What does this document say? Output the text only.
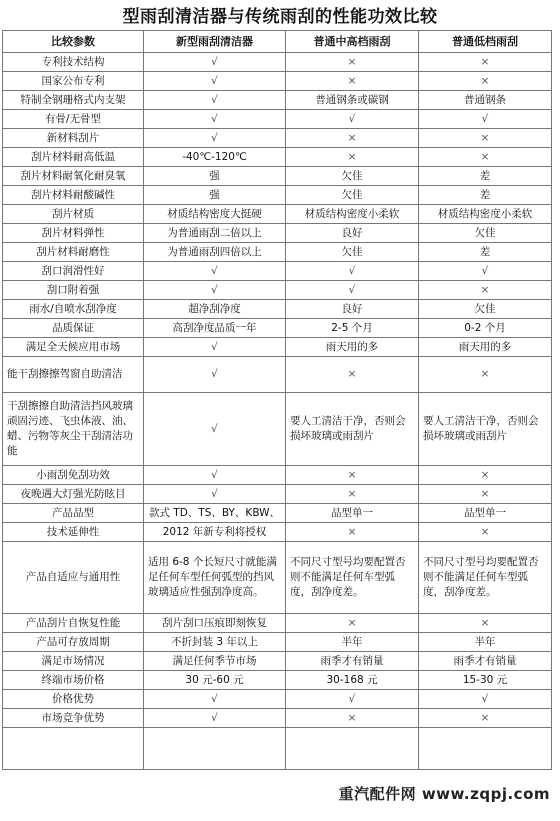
型雨刮清洁器与传统雨刮的性能功效比较
比较参数	新型雨刮清洁器	普通中高档雨刮	普通低档雨刮
专利技术结构	√	×	×
国家公布专利	√	×	×
特制全钢珊格式内支架	√	普通钢条或碳钢	普通钢条
有骨/无骨型	√	√	√
新材料刮片	√	×	×
刮片材料耐高低温	-40℃-120℃	×	×
刮片材料耐氧化耐臭氧	强	欠佳	差
刮片材料耐酸碱性	强	欠佳	差
刮片材质	材质结构密度大挺硬	材质结构密度小柔软	材质结构密度小柔软
刮片材料弹性	为普通雨刮二倍以上	良好	欠佳
刮片材料耐磨性	为普通雨刮四倍以上	欠佳	差
刮口润滑性好	√	√	√
刮口附着强	√	√	×
雨水/自喷水刮净度	超净刮净度	良好	欠佳
品质保证	高刮净度品质一年	2-5 个月	0-2 个月
满足全天候应用市场	√	雨天用的多	雨天用的多
能干刮擦擦驾窗自助清洁	√	×	×
干刮擦擦自助清洁挡风玻璃顽固污迹、飞虫体液、油、蜡、污物等灰尘干刮清洁功能	√	要人工清洁干净，否则会损坏玻璃或雨刮片	要人工清洁干净，否则会损坏玻璃或雨刮片
小雨刮免刮功效	√	×	×
夜晚遇大灯强光防眩目	√	×	×
产品品型	款式 TD、TS、BY、KBW、	品型单一	品型单一
技术延伸性	2012 年新专利将授权	×	×
产品自适应与通用性	适用 6-8 个长短尺寸就能满足任何车型任何弧型的挡风玻璃适应性强刮净度高。	不同尺寸型号均要配置否则不能满足任何车型弧度，刮净度差。	不同尺寸型号均要配置否则不能满足任何车型弧度，刮净度差。
产品刮片自恢复性能	刮片刮口压痕即刻恢复	×	×
产品可存放周期	不折封装 3 年以上	半年	半年
满足市场情况	满足任何季节市场	雨季才有销量	雨季才有销量
终端市场价格	30 元-60 元	30-168 元	15-30 元
价格优势	√	√	√
市场竞争优势	√	×	×

重汽配件网 www.zqpj.com
